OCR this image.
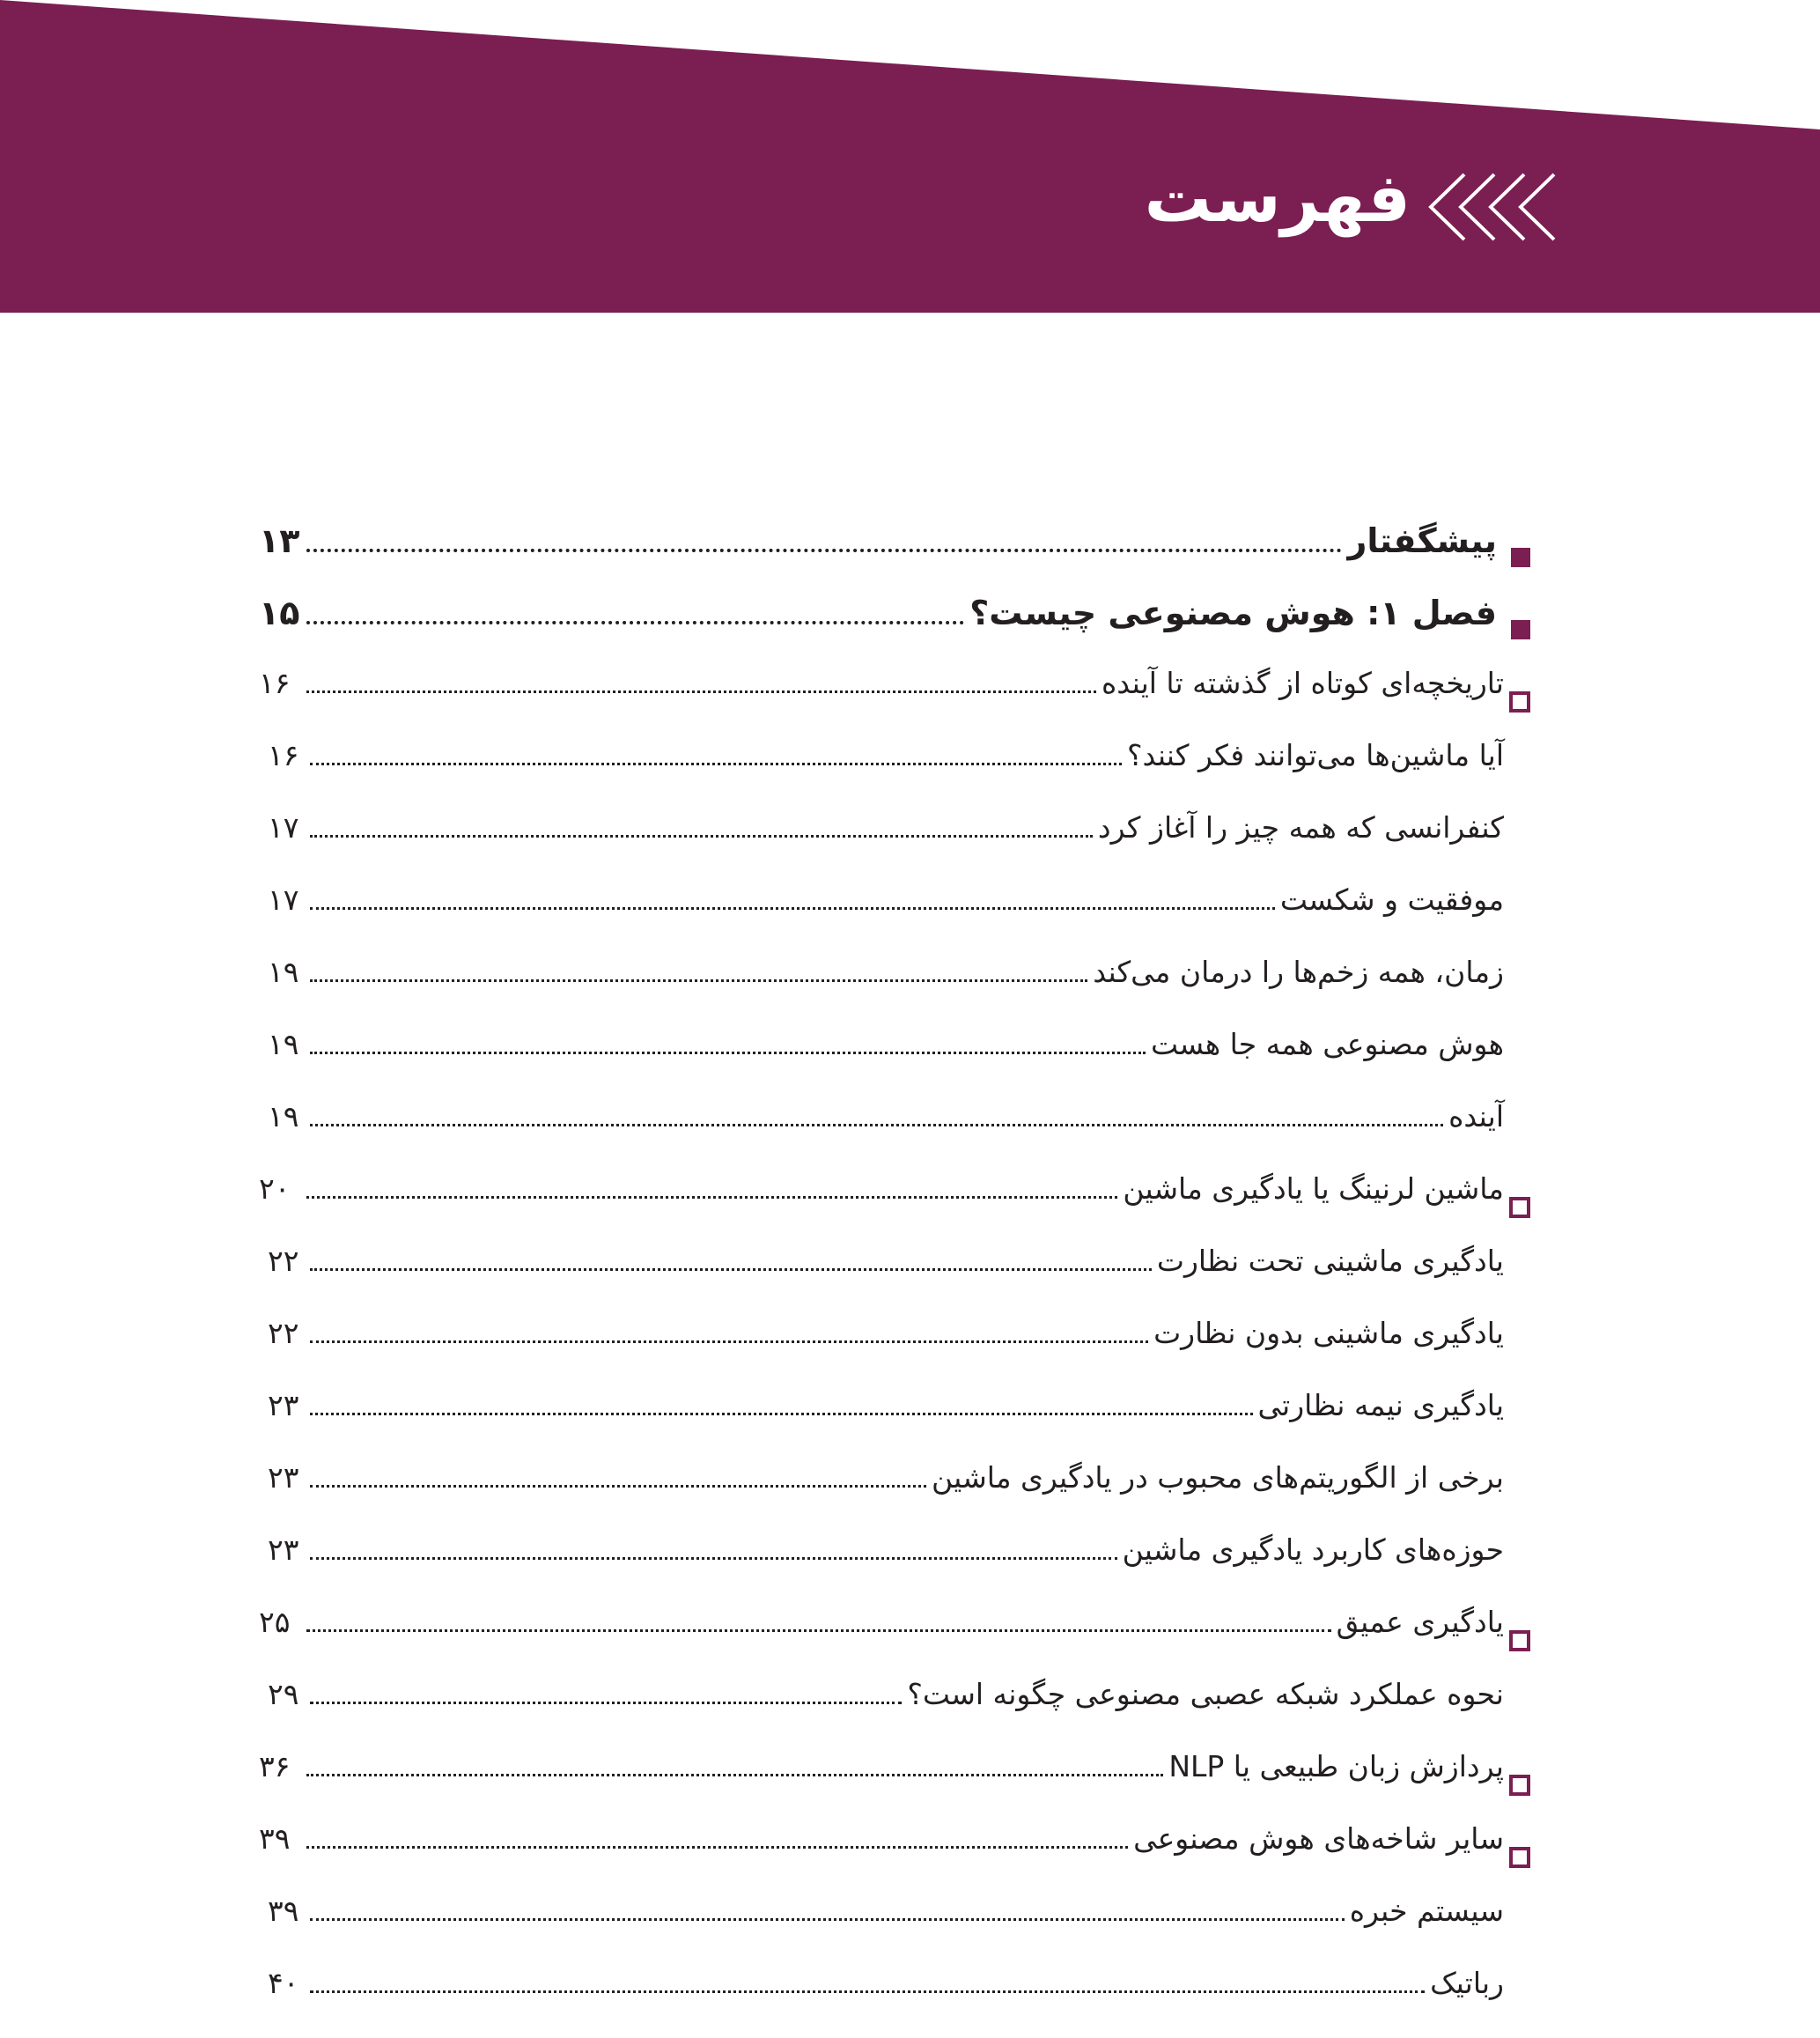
فهرست
پیشگفتار
۱۳
فصل ۱: هوش مصنوعی چیست؟
۱۵
تاریخچه‌ای کوتاه از گذشته تا آینده
۱۶
آیا ماشین‌ها می‌توانند فکر کنند؟
۱۶
کنفرانسی که همه چیز را آغاز کرد
۱۷
موفقیت و شکست
۱۷
زمان، همه زخم‌ها را درمان می‌کند
۱۹
هوش مصنوعی همه جا هست
۱۹
آینده
۱۹
ماشین لرنینگ یا یادگیری ماشین
۲۰
یادگیری ماشینی تحت نظارت
۲۲
یادگیری ماشینی بدون نظارت
۲۲
یادگیری نیمه نظارتی
۲۳
برخی از الگوریتم‌های محبوب در یادگیری ماشین
۲۳
حوزه‌های کاربرد یادگیری ماشین
۲۳
یادگیری عمیق
۲۵
نحوه عملکرد شبکه عصبی مصنوعی چگونه است؟
۲۹
پردازش زبان طبیعی یا NLP
۳۶
سایر شاخه‌های هوش مصنوعی
۳۹
سیستم خبره
۳۹
رباتیک
۴۰
